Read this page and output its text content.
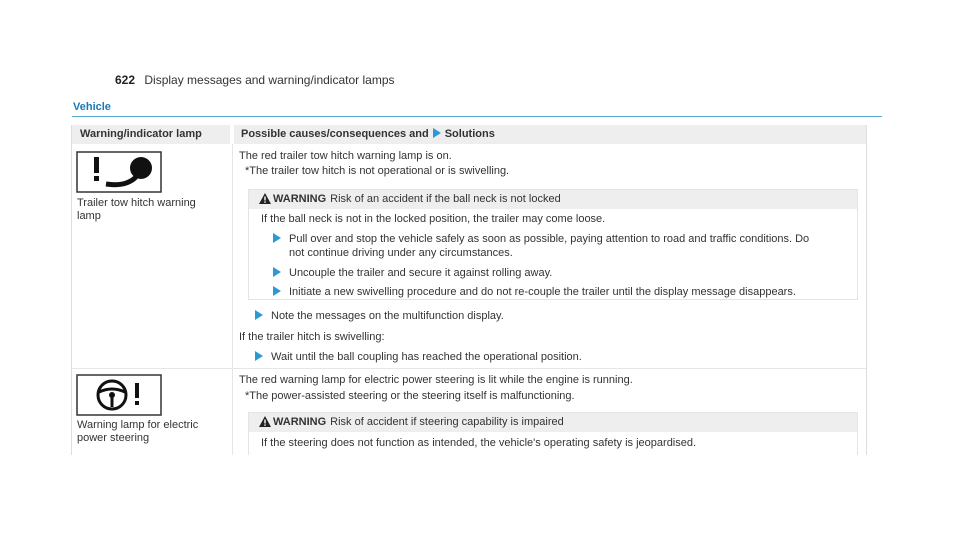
622 Display messages and warning/indicator lamps
Vehicle
Warning/indicator lamp	Possible causes/consequences and Solutions
Trailer tow hitch warning lamp
The red trailer tow hitch warning lamp is on.
*The trailer tow hitch is not operational or is swivelling.
WARNING Risk of an accident if the ball neck is not locked
If the ball neck is not in the locked position, the trailer may come loose.
Pull over and stop the vehicle safely as soon as possible, paying attention to road and traffic conditions. Do
not continue driving under any circumstances.
Uncouple the trailer and secure it against rolling away.
Initiate a new swivelling procedure and do not re-couple the trailer until the display message disappears.
Note the messages on the multifunction display.
If the trailer hitch is swivelling:
Wait until the ball coupling has reached the operational position.
Warning lamp for electric power steering
The red warning lamp for electric power steering is lit while the engine is running.
*The power-assisted steering or the steering itself is malfunctioning.
WARNING Risk of accident if steering capability is impaired
If the steering does not function as intended, the vehicle's operating safety is jeopardised.
